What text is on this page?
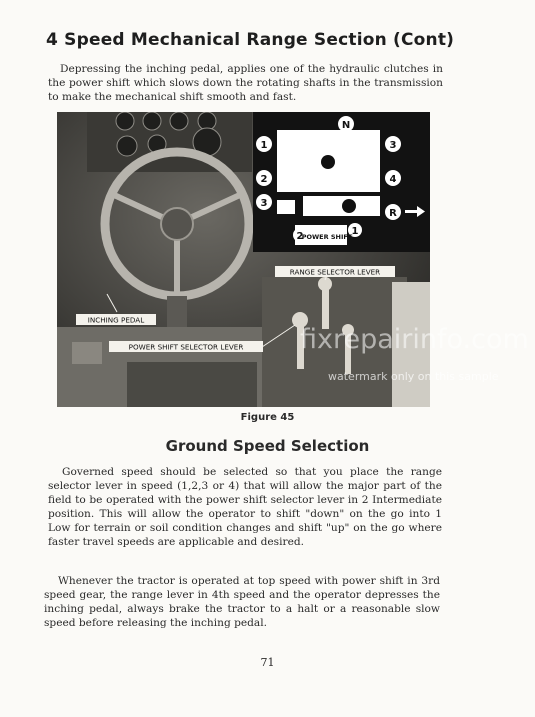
4 Speed Mechanical Range Section (Cont)

Depressing the inching pedal, applies one of the hydraulic clutches in the power shift which slows down the rotating shafts in the transmission to make the mechanical shift smooth and fast.

N
1
2
3
3
4
R
2	1
RANGE
POWER SHIFT
RANGE SELECTOR LEVER
INCHING PEDAL
POWER SHIFT SELECTOR LEVER fixrepairinfo.com
watermark only on this sample
Figure 45
Ground Speed Selection

Governed speed should be selected so that you place the range selector lever in speed (1,2,3 or 4) that will allow the major part of the field to be operated with the power shift selector lever in 2 Intermediate position. This will allow the operator to shift "down" on the go into 1 Low for terrain or soil condition changes and shift "up" on the go where faster travel speeds are applicable and desired.

Whenever the tractor is operated at top speed with power shift in 3rd speed gear, the range lever in 4th speed and the operator depresses the inching pedal, always brake the tractor to a halt or a reasonable slow speed before releasing the inching pedal.

71
